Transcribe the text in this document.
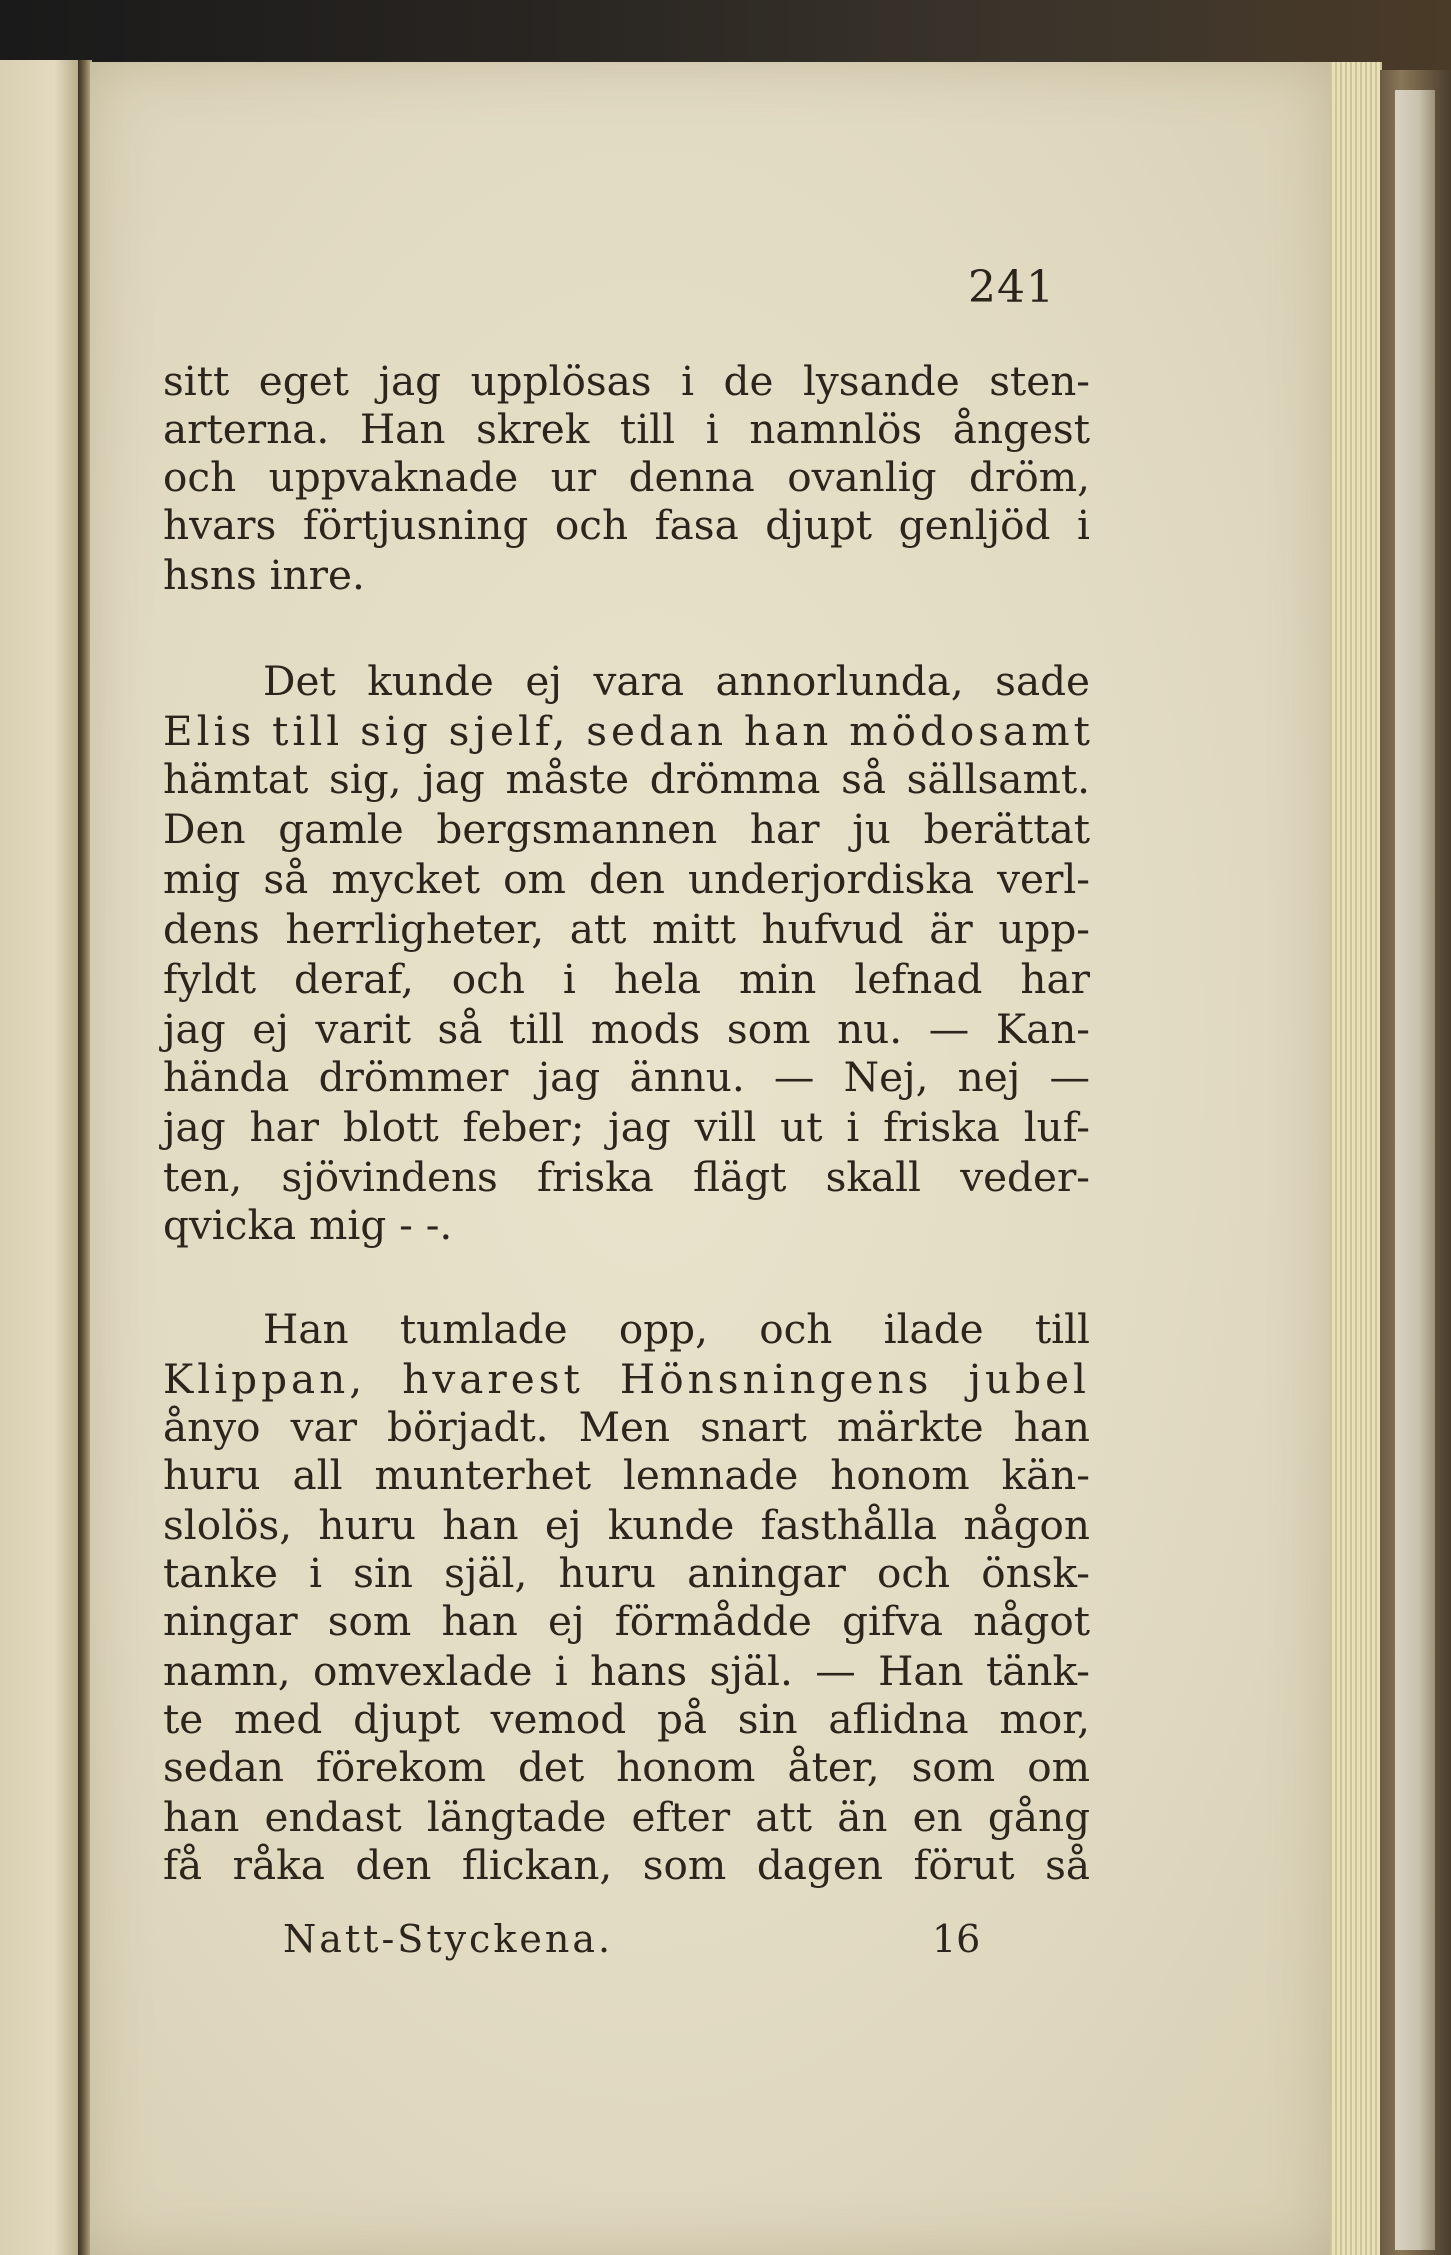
241
sitt eget jag upplösas i de lysande sten-
arterna. Han skrek till i namnlös ångest
och uppvaknade ur denna ovanlig dröm,
hvars förtjusning och fasa djupt genljöd i
hsns inre.
Det kunde ej vara annorlunda, sade
Elis till sig sjelf, sedan han mödosamt
hämtat sig, jag måste drömma så sällsamt.
Den gamle bergsmannen har ju berättat
mig så mycket om den underjordiska verl-
dens herrligheter, att mitt hufvud är upp-
fyldt deraf, och i hela min lefnad har
jag ej varit så till mods som nu. — Kan-
hända drömmer jag ännu. — Nej, nej —
jag har blott feber; jag vill ut i friska luf-
ten, sjövindens friska flägt skall veder-
qvicka mig - -.
Han tumlade opp, och ilade till
Klippan, hvarest Hönsningens jubel
ånyo var börjadt. Men snart märkte han
huru all munterhet lemnade honom kän-
slolös, huru han ej kunde fasthålla någon
tanke i sin själ, huru aningar och önsk-
ningar som han ej förmådde gifva något
namn, omvexlade i hans själ. — Han tänk-
te med djupt vemod på sin aflidna mor,
sedan förekom det honom åter, som om
han endast längtade efter att än en gång
få råka den flickan, som dagen förut så
Natt-Styckena.	16
